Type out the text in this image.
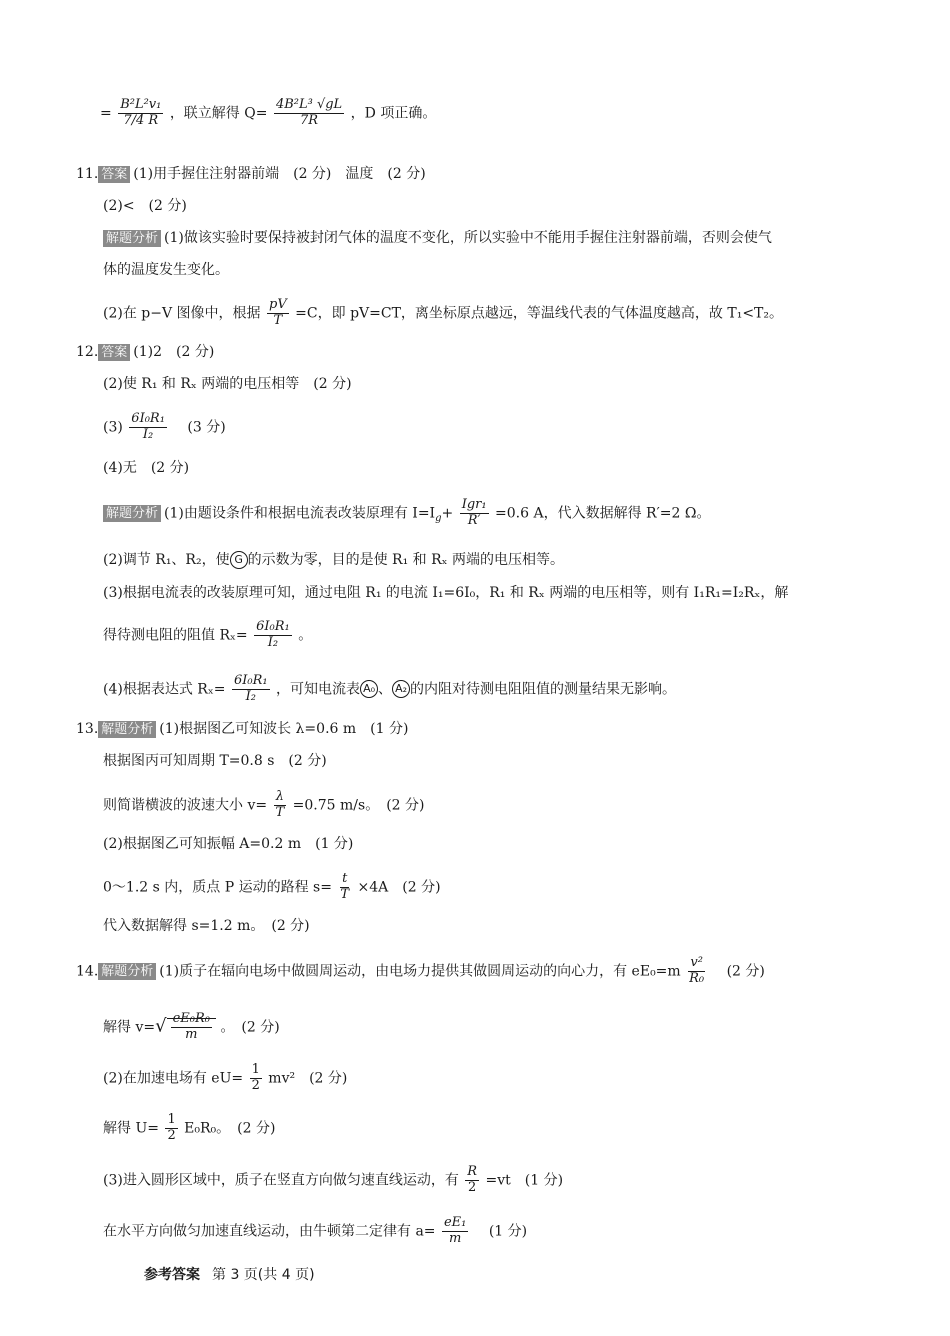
= $\frac{\text{B²L²v₁}}{7/4 R}$ ，联立解得 $Q= \frac{\text{4B²L³ √gL}}{7R}$ ，D 项正确。
11. 答案 (1)用手握住注射器前端　(2 分)　温度　(2 分)
(2)<　(2 分)
解题分析 (1)做该实验时要保持被封闭气体的温度不变化，所以实验中不能用手握住注射器前端，否则会使气
体的温度发生变化。
(2)在 p−V 图像中，根据 $\frac{pV}{T} =C$，即 pV=CT，离坐标原点越远，等温线代表的气体温度越高，故 T₁<T₂。
12. 答案 (1)2　(2 分)
(2)使 R₁ 和 Rₓ 两端的电压相等　(2 分)
$(3) \frac{\text{6I₀R₁}}{\text{I₂}}$ 　(3 分)
(4)无　(2 分)
解题分析 (1)由题设条件和根据电流表改装原理有 $I=I_g+ \frac{\text{Igr₁}}{R'} =0.6$ A，代入数据解得 R′=2 Ω。
(2)调节 R₁、R₂，使 G 的示数为零，目的是使 R₁ 和 Rₓ 两端的电压相等。
(3)根据电流表的改装原理可知，通过电阻 R₁ 的电流 I₁=6I₀，R₁ 和 Rₓ 两端的电压相等，则有 I₁R₁=I₂Rₓ，解
得待测电阻的阻值 $R_x= \frac{\text{6I₀R₁}}{\text{I₂}}$ 。
(4)根据表达式 $R_x= \frac{\text{6I₀R₁}}{\text{I₂}}$ ，可知电流表 A₀ 、 A₂ 的内阻对待测电阻阻值的测量结果无影响。
13. 解题分析 (1)根据图乙可知波长 λ=0.6 m　(1 分)
根据图丙可知周期 T=0.8 s　(2 分)
则简谐横波的波速大小 $v= \frac{\lambda}{T} =0.75$ m/s。　(2 分)
(2)根据图乙可知振幅 A=0.2 m　(1 分)
0～1.2 s 内，质点 P 运动的路程 $s= \frac{t}{T} \times 4A$　(2 分)
代入数据解得 s=1.2 m。　(2 分)
14. 解题分析 (1)质子在辐向电场中做圆周运动，由电场力提供其做圆周运动的向心力，有 $eE_0=m \frac{\text{v²}}{\text{R₀}}$ 　(2 分)
解得 $v=√ \frac{\text{eE₀R₀}}{m}$ 。　(2 分)
(2)在加速电场有 $eU= \frac{1}{2} mv^2$　(2 分)
解得 $U= \frac{1}{2} E_0R_0$。　(2 分)
(3)进入圆形区域中，质子在竖直方向做匀速直线运动，有 $\frac{R}{2} =vt$　(1 分)
在水平方向做匀加速直线运动，由牛顿第二定律有 $a= \frac{\text{eE₁}}{m}$ 　(1 分)
参考答案 第 3 页(共 4 页)
